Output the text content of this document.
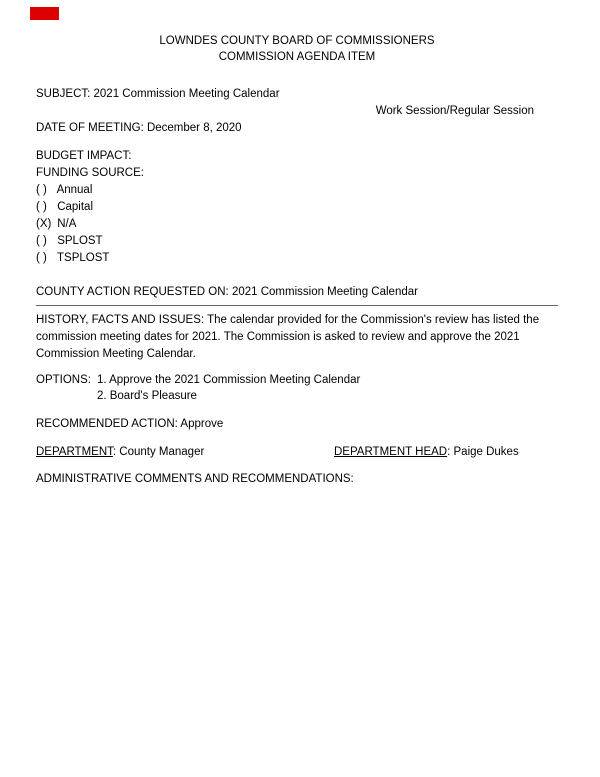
LOWNDES COUNTY BOARD OF COMMISSIONERS
COMMISSION AGENDA ITEM
SUBJECT: 2021 Commission Meeting Calendar
Work Session/Regular Session
DATE OF MEETING: December 8, 2020
BUDGET IMPACT:
FUNDING SOURCE:
( ) Annual
( ) Capital
(X) N/A
( ) SPLOST
( ) TSPLOST
COUNTY ACTION REQUESTED ON: 2021 Commission Meeting Calendar
HISTORY, FACTS AND ISSUES: The calendar provided for the Commission's review has listed the commission meeting dates for 2021. The Commission is asked to review and approve the 2021 Commission Meeting Calendar.
OPTIONS: 1. Approve the 2021 Commission Meeting Calendar
2. Board's Pleasure
RECOMMENDED ACTION: Approve
DEPARTMENT: County Manager	DEPARTMENT HEAD: Paige Dukes
ADMINISTRATIVE COMMENTS AND RECOMMENDATIONS:
